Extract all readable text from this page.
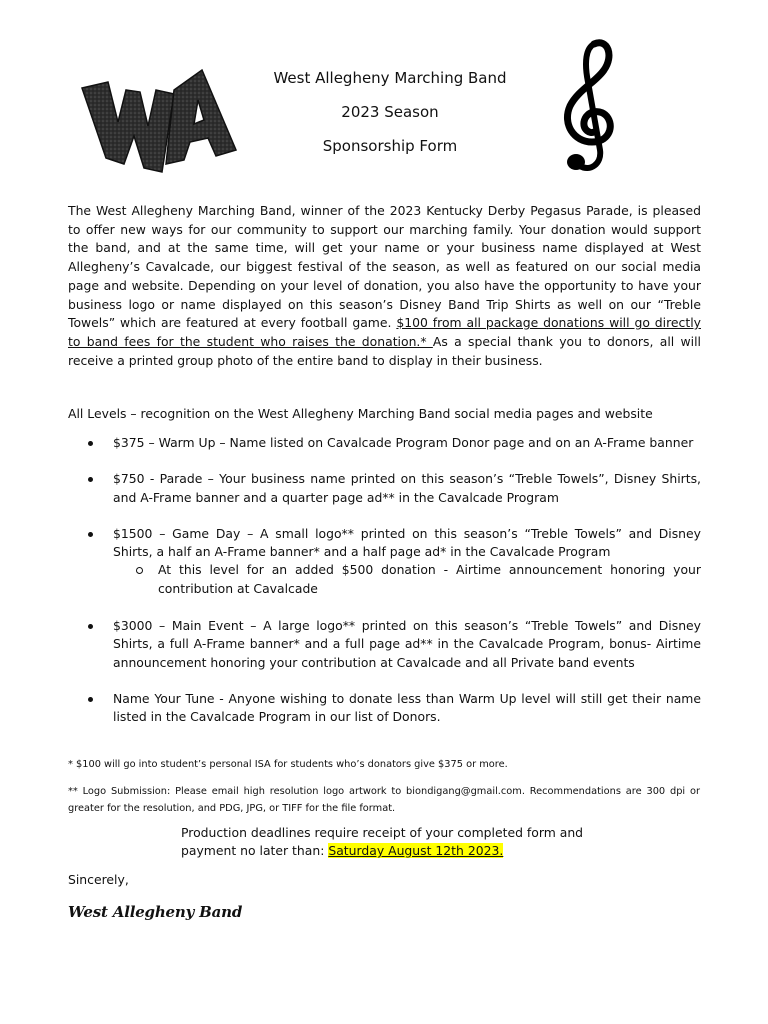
West Allegheny Marching Band
2023 Season
Sponsorship Form

The West Allegheny Marching Band, winner of the 2023 Kentucky Derby Pegasus Parade, is pleased to offer new ways for our community to support our marching family. Your donation would support the band, and at the same time, will get your name or your business name displayed at West Allegheny’s Cavalcade, our biggest festival of the season, as well as featured on our social media page and website. Depending on your level of donation, you also have the opportunity to have your business logo or name displayed on this season’s Disney Band Trip Shirts as well on our “Treble Towels” which are featured at every football game. $100 from all package donations will go directly to band fees for the student who raises the donation.* As a special thank you to donors, all will receive a printed group photo of the entire band to display in their business.

All Levels – recognition on the West Allegheny Marching Band social media pages and website

$375 – Warm Up – Name listed on Cavalcade Program Donor page and on an A-Frame banner
$750 - Parade – Your business name printed on this season’s “Treble Towels”, Disney Shirts, and A-Frame banner and a quarter page ad** in the Cavalcade Program
$1500 – Game Day – A small logo** printed on this season’s “Treble Towels” and Disney Shirts, a half an A-Frame banner* and a half page ad* in the Cavalcade Program
At this level for an added $500 donation - Airtime announcement honoring your contribution at Cavalcade
$3000 – Main Event – A large logo** printed on this season’s “Treble Towels” and Disney Shirts, a full A-Frame banner* and a full page ad** in the Cavalcade Program, bonus- Airtime announcement honoring your contribution at Cavalcade and all Private band events
Name Your Tune - Anyone wishing to donate less than Warm Up level will still get their name listed in the Cavalcade Program in our list of Donors.

* $100 will go into student’s personal ISA for students who’s donators give $375 or more.

** Logo Submission: Please email high resolution logo artwork to biondigang@gmail.com. Recommendations are 300 dpi or greater for the resolution, and PDG, JPG, or TIFF for the file format.

Production deadlines require receipt of your completed form and payment no later than: Saturday August 12th 2023.

Sincerely,

West Allegheny Band
